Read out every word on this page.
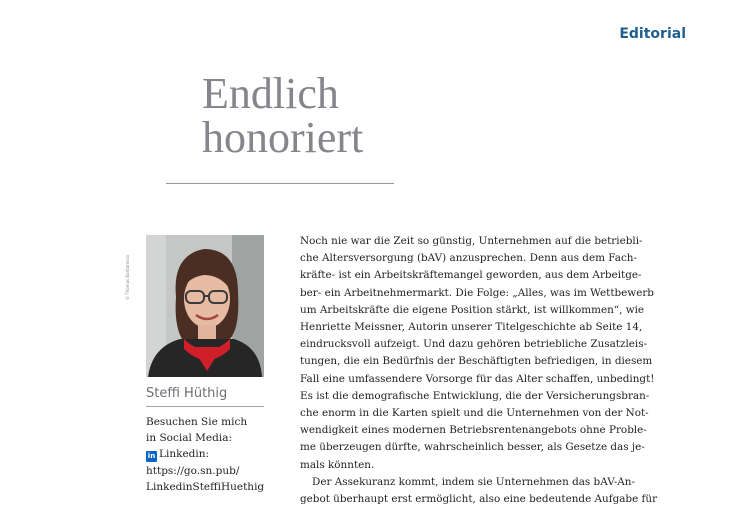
Editorial
Endlich
honoriert
© Thomas Barbarossa
Steffi Hüthig
Besuchen Sie mich
in Social Media:
in Linkedin:
https://go.sn.pub/
LinkedinSteffiHuethig
Noch nie war die Zeit so günstig, Unternehmen auf die betriebli-
che Altersversorgung (bAV) anzusprechen. Denn aus dem Fach-
kräfte- ist ein Arbeitskräftemangel geworden, aus dem Arbeitge-
ber- ein Arbeitnehmermarkt. Die Folge: „Alles, was im Wettbewerb
um Arbeitskräfte die eigene Position stärkt, ist willkommen“, wie
Henriette Meissner, Autorin unserer Titelgeschichte ab Seite 14,
eindrucksvoll aufzeigt. Und dazu gehören betriebliche Zusatzleis-
tungen, die ein Bedürfnis der Beschäftigten befriedigen, in diesem
Fall eine umfassendere Vorsorge für das Alter schaffen, unbedingt!
Es ist die demografische Entwicklung, die der Versicherungsbran-
che enorm in die Karten spielt und die Unternehmen von der Not-
wendigkeit eines modernen Betriebsrentenangebots ohne Proble-
me überzeugen dürfte, wahrscheinlich besser, als Gesetze das je-
mals könnten.
Der Assekuranz kommt, indem sie Unternehmen das bAV-An-
gebot überhaupt erst ermöglicht, also eine bedeutende Aufgabe für
